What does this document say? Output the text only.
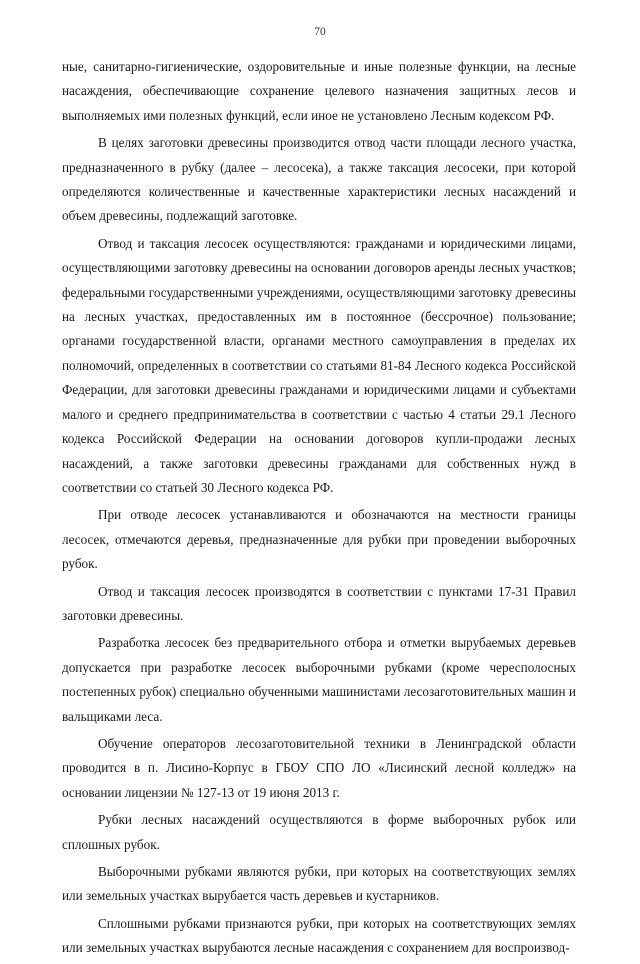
70

ные, санитарно-гигиенические, оздоровительные и иные полезные функции, на лесные насаждения, обеспечивающие сохранение целевого назначения защитных лесов и выполняемых ими полезных функций, если иное не установлено Лесным кодексом РФ.

В целях заготовки древесины производится отвод части площади лесного участка, предназначенного в рубку (далее – лесосека), а также таксация лесосеки, при которой определяются количественные и качественные характеристики лесных насаждений и объем древесины, подлежащий заготовке.

Отвод и таксация лесосек осуществляются: гражданами и юридическими лицами, осуществляющими заготовку древесины на основании договоров аренды лесных участков; федеральными государственными учреждениями, осуществляющими заготовку древесины на лесных участках, предоставленных им в постоянное (бессрочное) пользование; органами государственной власти, органами местного самоуправления в пределах их полномочий, определенных в соответствии со статьями 81-84 Лесного кодекса Российской Федерации, для заготовки древесины гражданами и юридическими лицами и субъектами малого и среднего предпринимательства в соответствии с частью 4 статьи 29.1 Лесного кодекса Российской Федерации на основании договоров купли-продажи лесных насаждений, а также заготовки древесины гражданами для собственных нужд в соответствии со статьей 30 Лесного кодекса РФ.

При отводе лесосек устанавливаются и обозначаются на местности границы лесосек, отмечаются деревья, предназначенные для рубки при проведении выборочных рубок.

Отвод и таксация лесосек производятся в соответствии с пунктами 17-31 Правил заготовки древесины.

Разработка лесосек без предварительного отбора и отметки вырубаемых деревьев допускается при разработке лесосек выборочными рубками (кроме чересполосных постепенных рубок) специально обученными машинистами лесозаготовительных машин и вальщиками леса.

Обучение операторов лесозаготовительной техники в Ленинградской области проводится в п. Лисино-Корпус в ГБОУ СПО ЛО «Лисинский лесной колледж» на основании лицензии № 127-13 от 19 июня 2013 г.

Рубки лесных насаждений осуществляются в форме выборочных рубок или сплошных рубок.

Выборочными рубками являются рубки, при которых на соответствующих землях или земельных участках вырубается часть деревьев и кустарников.

Сплошными рубками признаются рубки, при которых на соответствующих землях или земельных участках вырубаются лесные насаждения с сохранением для воспроизвод-
